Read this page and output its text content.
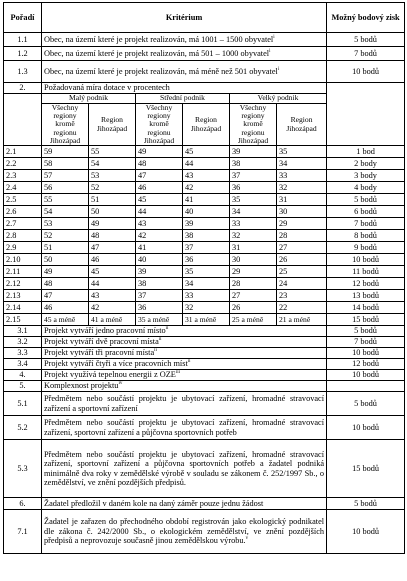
Pořadí	Kritérium						Možný bodový zisk
1.1	Obec, na území které je projekt realizován, má 1001 – 1500 obyvatel$^i$						5 bodů
1.2	Obec, na území které je projekt realizován, má 501 – 1000 obyvatel$^i$						7 bodů
1.3	Obec, na území které je projekt realizován, má méně než 501 obyvatel$^i$						10 bodů
2.	Požadovaná míra dotace v procentech						
	Malý podnik		Střední podnik		Velký podnik		
	Všechny regiony kromě regionu Jihozápad	Region Jihozápad	Všechny regiony kromě regionu Jihozápad	Region Jihozápad	Všechny regiony kromě regionu Jihozápad	Region Jihozápad	
2.1	59	55	49	45	39	35	1 bod
2.2	58	54	48	44	38	34	2 body
2.3	57	53	47	43	37	33	3 body
2.4	56	52	46	42	36	32	4 body
2.5	55	51	45	41	35	31	5 bodů
2.6	54	50	44	40	34	30	6 bodů
2.7	53	49	43	39	33	29	7 bodů
2.8	52	48	42	38	32	28	8 bodů
2.9	51	47	41	37	31	27	9 bodů
2.10	50	46	40	36	30	26	10 bodů
2.11	49	45	39	35	29	25	11 bodů
2.12	48	44	38	34	28	24	12 bodů
2.13	47	43	37	33	27	23	13 bodů
2.14	46	42	36	32	26	22	14 bodů
2.15	45 a méně	41 a méně	35 a méně	31 a méně	25 a méně	21 a méně	15 bodů
3.1	Projekt vytváří jedno pracovní místo$^{ii}$						5 bodů
3.2	Projekt vytváří dvě pracovní místa$^{ii}$						7 bodů
3.3	Projekt vytváří tři pracovní místa$^{ii}$						10 bodů
3.4	Projekt vytváří čtyři a více pracovních míst$^{ii}$						12 bodů
4.	Projekt využívá tepelnou energii z OZE$^{iii}$						10 bodů
5.	Komplexnost projektu$^{iv}$	
5.1	Předmětem nebo součástí projektu je ubytovací zařízení, hromadné stravovací zařízení a sportovní zařízení						5 bodů
5.2	Předmětem nebo součástí projektu je ubytovací zařízení, hromadné stravovací zařízení, sportovní zařízení a půjčovna sportovních potřeb						10 bodů
5.3	Předmětem nebo součástí projektu je ubytovací zařízení, hromadné stravovací zařízení, sportovní zařízení a půjčovna sportovních potřeb a žadatel podniká minimálně dva roky v zemědělské výrobě v souladu se zákonem č. 252/1997 Sb., o zemědělství, ve znění pozdějších předpisů.						15 bodů
6.	Žadatel předložil v daném kole na daný záměr pouze jednu žádost						5 bodů
7.1	Žadatel je zařazen do přechodného období registrován jako ekologický podnikatel dle zákona č. 242/2000 Sb., o ekologickém zemědělství, ve znění pozdějších předpisů a neprovozuje současně jinou zemědělskou výrobu.$^v$						10 bodů
